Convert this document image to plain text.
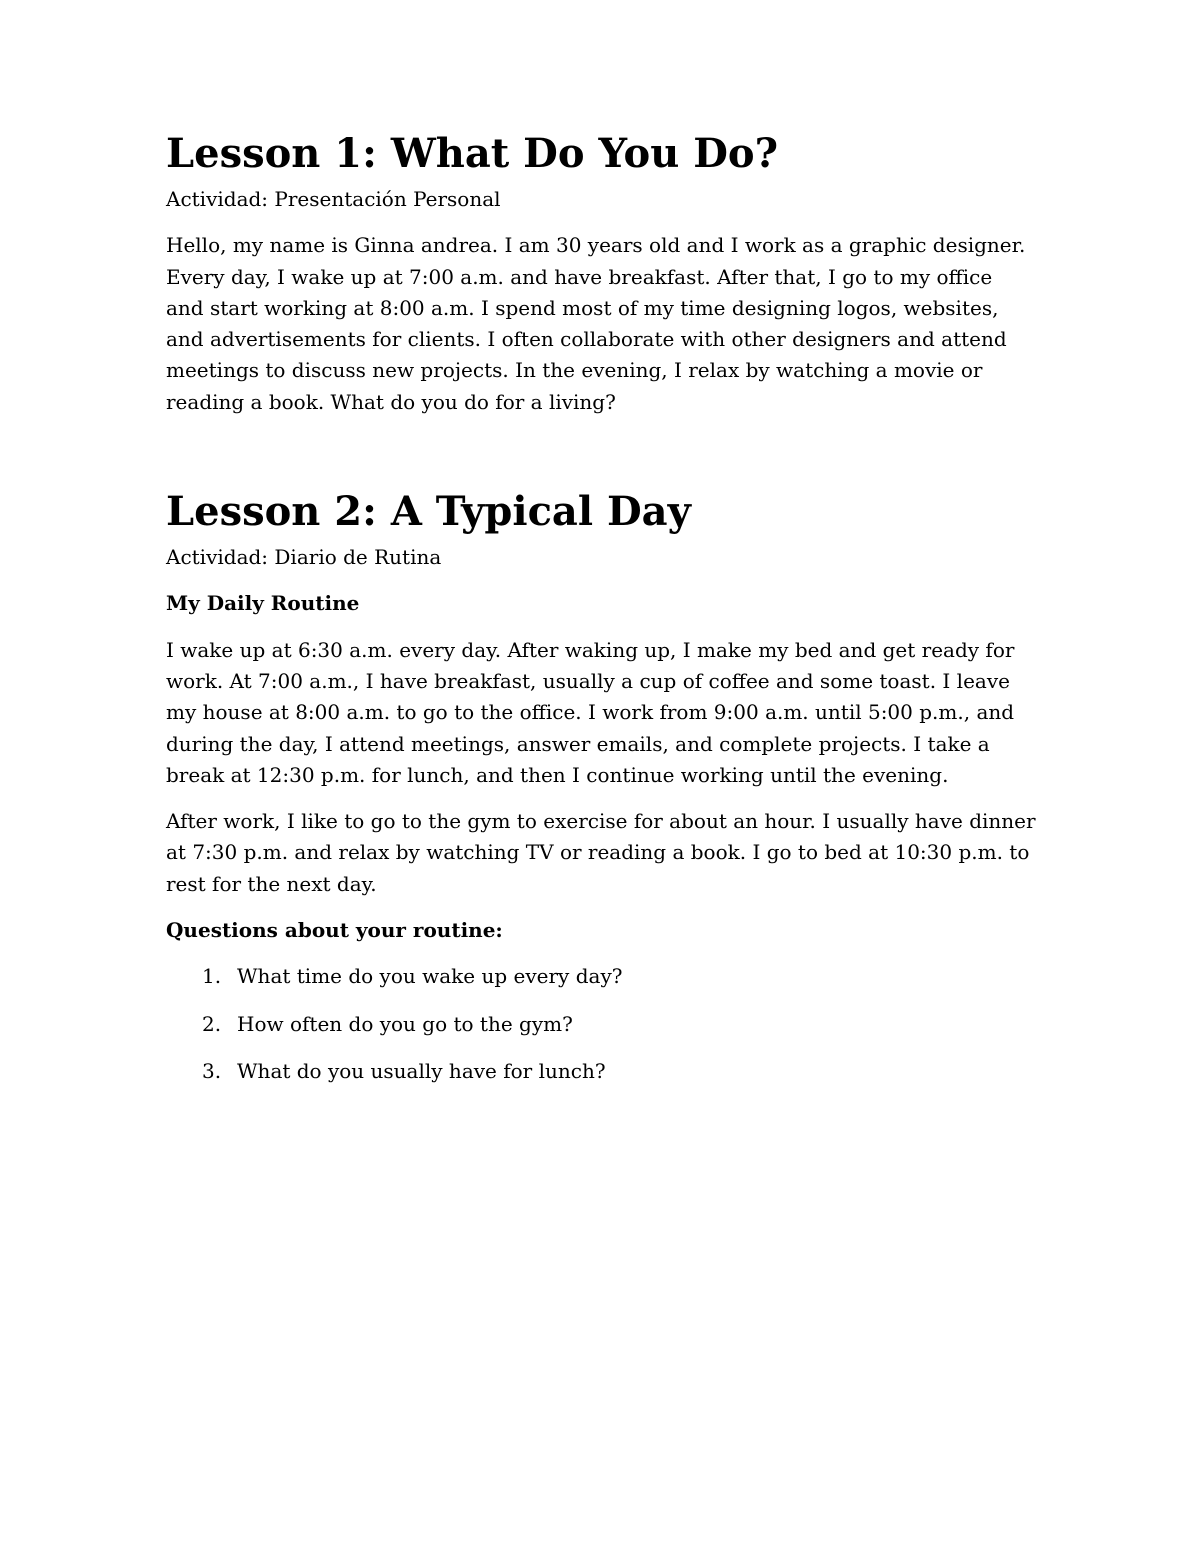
Lesson 1: What Do You Do?

Actividad: Presentación Personal

Hello, my name is Ginna andrea. I am 30 years old and I work as a graphic designer. Every day, I wake up at 7:00 a.m. and have breakfast. After that, I go to my office and start working at 8:00 a.m. I spend most of my time designing logos, websites, and advertisements for clients. I often collaborate with other designers and attend meetings to discuss new projects. In the evening, I relax by watching a movie or reading a book. What do you do for a living?

Lesson 2: A Typical Day

Actividad: Diario de Rutina

My Daily Routine

I wake up at 6:30 a.m. every day. After waking up, I make my bed and get ready for work. At 7:00 a.m., I have breakfast, usually a cup of coffee and some toast. I leave my house at 8:00 a.m. to go to the office. I work from 9:00 a.m. until 5:00 p.m., and during the day, I attend meetings, answer emails, and complete projects. I take a break at 12:30 p.m. for lunch, and then I continue working until the evening.

After work, I like to go to the gym to exercise for about an hour. I usually have dinner at 7:30 p.m. and relax by watching TV or reading a book. I go to bed at 10:30 p.m. to rest for the next day.

Questions about your routine:

1. What time do you wake up every day?
2. How often do you go to the gym?
3. What do you usually have for lunch?
